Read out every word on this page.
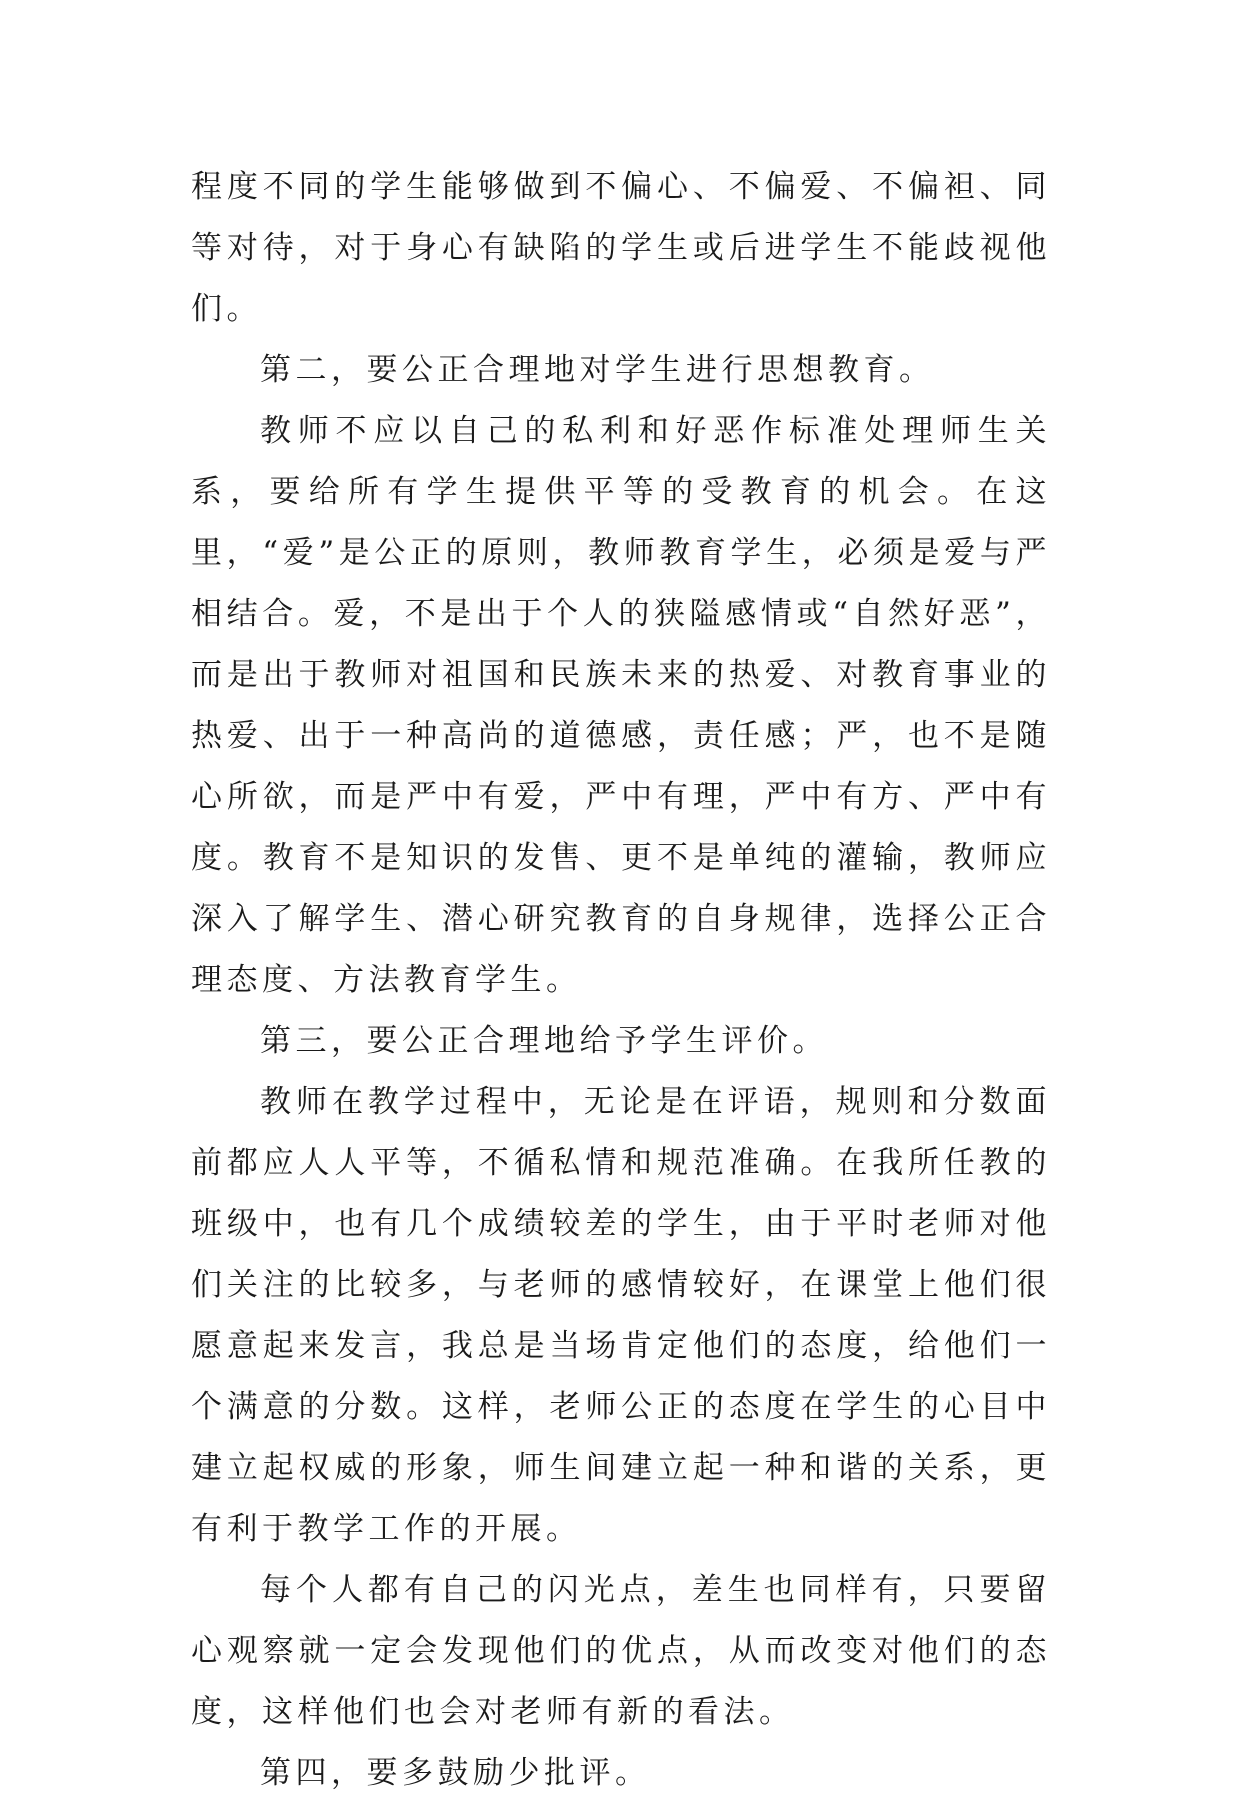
程度不同的学生能够做到不偏心、不偏爱、不偏袒、同等对待，对于身心有缺陷的学生或后进学生不能歧视他们。

第二，要公正合理地对学生进行思想教育。

教师不应以自己的私利和好恶作标准处理师生关系，要给所有学生提供平等的受教育的机会。在这里，“爱”是公正的原则，教师教育学生，必须是爱与严相结合。爱，不是出于个人的狭隘感情或“自然好恶”，而是出于教师对祖国和民族未来的热爱、对教育事业的热爱、出于一种高尚的道德感，责任感；严，也不是随心所欲，而是严中有爱，严中有理，严中有方、严中有度。教育不是知识的发售、更不是单纯的灌输，教师应深入了解学生、潜心研究教育的自身规律，选择公正合理态度、方法教育学生。

第三，要公正合理地给予学生评价。

教师在教学过程中，无论是在评语，规则和分数面前都应人人平等，不循私情和规范准确。在我所任教的班级中，也有几个成绩较差的学生，由于平时老师对他们关注的比较多，与老师的感情较好，在课堂上他们很愿意起来发言，我总是当场肯定他们的态度，给他们一个满意的分数。这样，老师公正的态度在学生的心目中建立起权威的形象，师生间建立起一种和谐的关系，更有利于教学工作的开展。

每个人都有自己的闪光点，差生也同样有，只要留心观察就一定会发现他们的优点，从而改变对他们的态度，这样他们也会对老师有新的看法。

第四，要多鼓励少批评。
